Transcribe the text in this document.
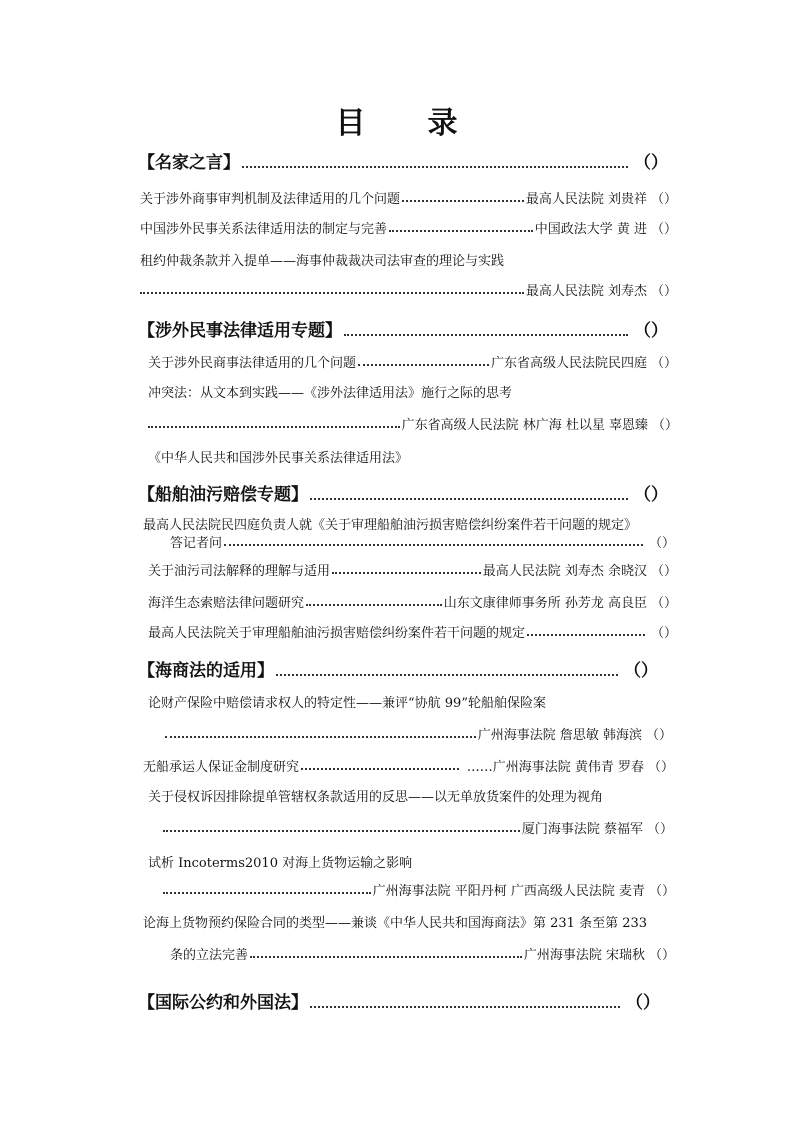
目 录
【名家之言】	（）
关于涉外商事审判机制及法律适用的几个问题	最高人民法院 刘贵祥 （）
中国涉外民事关系法律适用法的制定与完善	中国政法大学 黄 进 （）
租约仲裁条款并入提单——海事仲裁裁决司法审查的理论与实践
最高人民法院 刘寿杰 （）
【涉外民事法律适用专题】	（）
关于涉外民商事法律适用的几个问题	广东省高级人民法院民四庭 （）
冲突法：从文本到实践——《涉外法律适用法》施行之际的思考
广东省高级人民法院 林广海 杜以星 辜恩臻 （）
《中华人民共和国涉外民事关系法律适用法》
【船舶油污赔偿专题】	（）
最高人民法院民四庭负责人就《关于审理船舶油污损害赔偿纠纷案件若干问题的规定》
答记者问	（）
关于油污司法解释的理解与适用	最高人民法院 刘寿杰 余晓汉 （）
海洋生态索赔法律问题研究	山东文康律师事务所 孙芳龙 高良臣 （）
最高人民法院关于审理船舶油污损害赔偿纠纷案件若干问题的规定	（）
【海商法的适用】	（）
论财产保险中赔偿请求权人的特定性——兼评“协航 99”轮船舶保险案
广州海事法院 詹思敏 韩海滨 （）
无船承运人保证金制度研究	…… 广州海事法院 黄伟青 罗春 （）
关于侵权诉因排除提单管辖权条款适用的反思——以无单放货案件的处理为视角
厦门海事法院 蔡福军 （）
试析 Incoterms2010 对海上货物运输之影响
广州海事法院 平阳丹柯 广西高级人民法院 麦青 （）
论海上货物预约保险合同的类型——兼谈《中华人民共和国海商法》第 231 条至第 233
条的立法完善	广州海事法院 宋瑞秋 （）
【国际公约和外国法】	（）
